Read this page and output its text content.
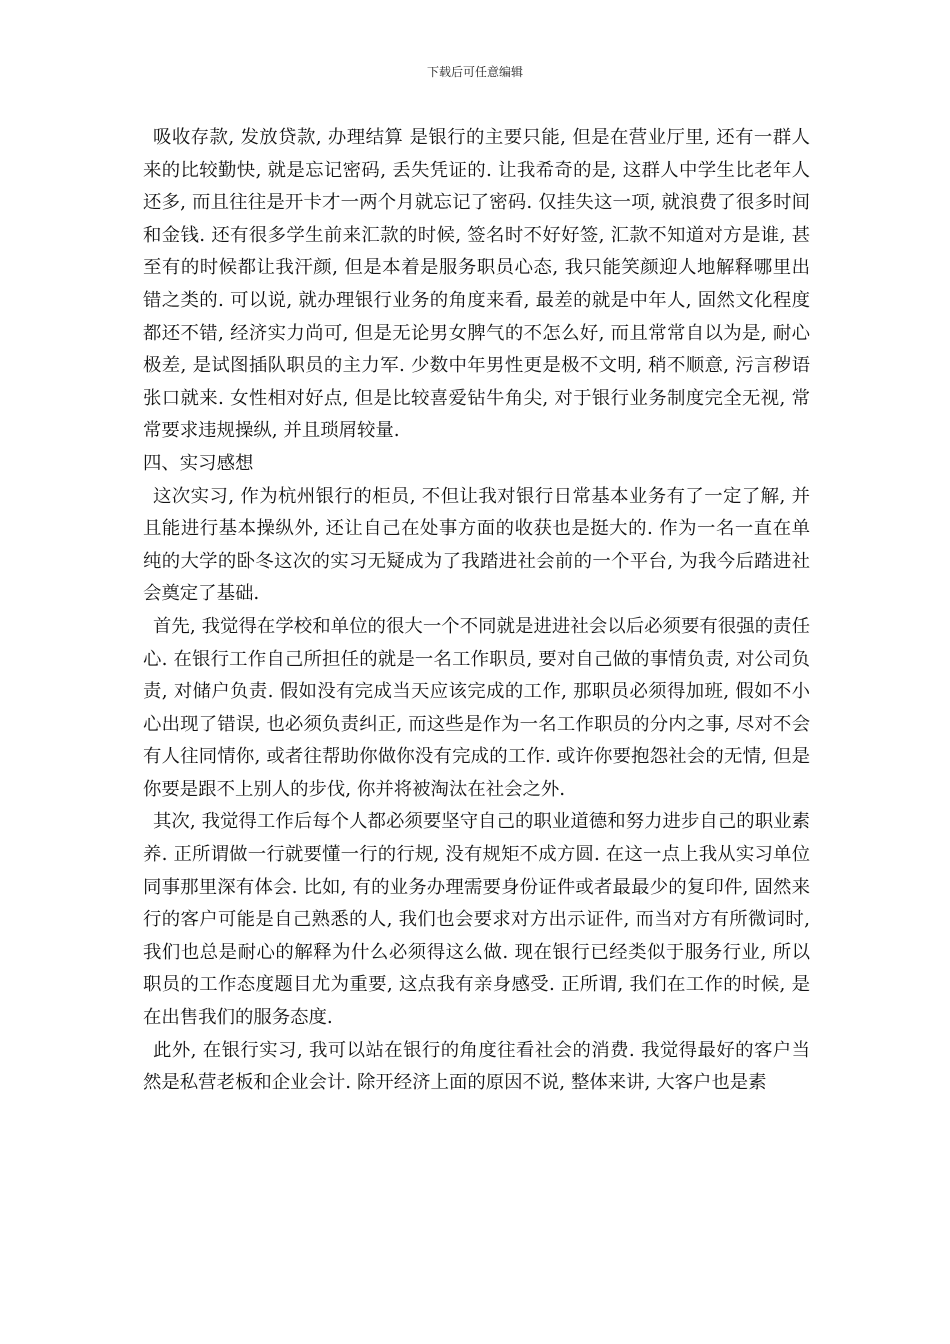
下载后可任意编辑

吸收存款, 发放贷款, 办理结算 是银行的主要只能, 但是在营业厅里, 还有一群人来的比较勤快, 就是忘记密码, 丢失凭证的. 让我希奇的是, 这群人中学生比老年人还多, 而且往往是开卡才一两个月就忘记了密码. 仅挂失这一项, 就浪费了很多时间和金钱. 还有很多学生前来汇款的时候, 签名时不好好签, 汇款不知道对方是谁, 甚至有的时候都让我汗颜, 但是本着是服务职员心态, 我只能笑颜迎人地解释哪里出错之类的. 可以说, 就办理银行业务的角度来看, 最差的就是中年人, 固然文化程度都还不错, 经济实力尚可, 但是无论男女脾气的不怎么好, 而且常常自以为是, 耐心极差, 是试图插队职员的主力军. 少数中年男性更是极不文明, 稍不顺意, 污言秽语张口就来. 女性相对好点, 但是比较喜爱钻牛角尖, 对于银行业务制度完全无视, 常常要求违规操纵, 并且琐屑较量.

四、实习感想

这次实习, 作为杭州银行的柜员, 不但让我对银行日常基本业务有了一定了解, 并且能进行基本操纵外, 还让自己在处事方面的收获也是挺大的. 作为一名一直在单纯的大学的卧冬这次的实习无疑成为了我踏进社会前的一个平台, 为我今后踏进社会奠定了基础.

首先, 我觉得在学校和单位的很大一个不同就是进进社会以后必须要有很强的责任心. 在银行工作自己所担任的就是一名工作职员, 要对自己做的事情负责, 对公司负责, 对储户负责. 假如没有完成当天应该完成的工作, 那职员必须得加班, 假如不小心出现了错误, 也必须负责纠正, 而这些是作为一名工作职员的分内之事, 尽对不会有人往同情你, 或者往帮助你做你没有完成的工作. 或许你要抱怨社会的无情, 但是你要是跟不上别人的步伐, 你并将被淘汰在社会之外.

其次, 我觉得工作后每个人都必须要坚守自己的职业道德和努力进步自己的职业素养. 正所谓做一行就要懂一行的行规, 没有规矩不成方圆. 在这一点上我从实习单位同事那里深有体会. 比如, 有的业务办理需要身份证件或者最最少的复印件, 固然来行的客户可能是自己熟悉的人, 我们也会要求对方出示证件, 而当对方有所微词时, 我们也总是耐心的解释为什么必须得这么做. 现在银行已经类似于服务行业, 所以职员的工作态度题目尤为重要, 这点我有亲身感受. 正所谓, 我们在工作的时候, 是在出售我们的服务态度.

此外, 在银行实习, 我可以站在银行的角度往看社会的消费. 我觉得最好的客户当然是私营老板和企业会计. 除开经济上面的原因不说, 整体来讲, 大客户也是素
